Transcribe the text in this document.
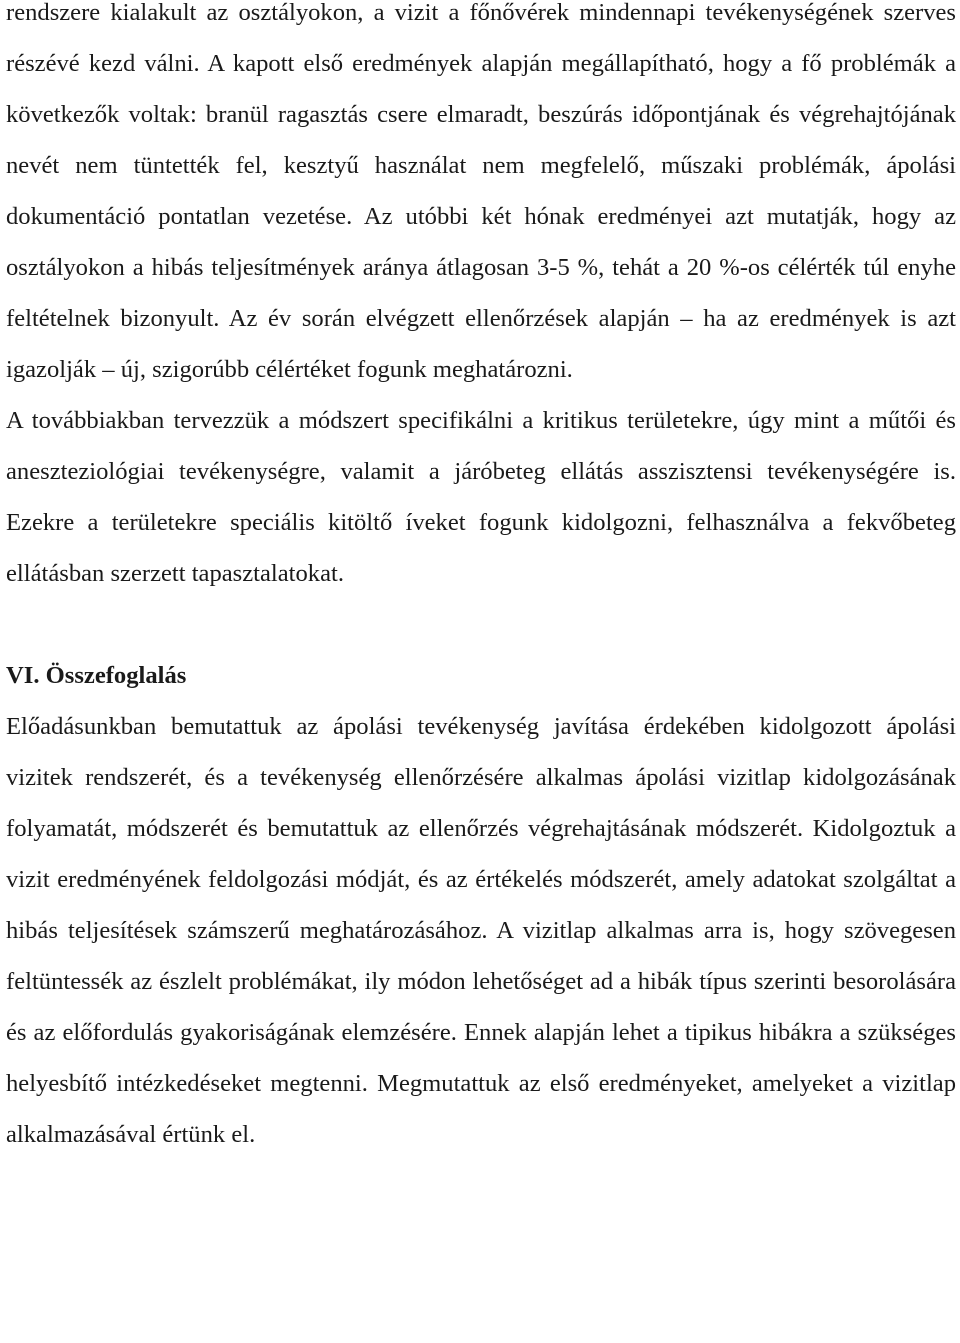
rendszere kialakult az osztályokon, a vizit a főnővérek mindennapi tevékenységének szerves részévé kezd válni. A kapott első eredmények alapján megállapítható, hogy a fő problémák a következők voltak: branül ragasztás csere elmaradt, beszúrás időpontjának és végrehajtójának nevét nem tüntették fel, kesztyű használat nem megfelelő, műszaki problémák, ápolási dokumentáció pontatlan vezetése. Az utóbbi két hónak eredményei azt mutatják, hogy az osztályokon a hibás teljesítmények aránya átlagosan 3-5 %, tehát a 20 %-os célérték túl enyhe feltételnek bizonyult. Az év során elvégzett ellenőrzések alapján – ha az eredmények is azt igazolják – új, szigorúbb célértéket fogunk meghatározni.

A továbbiakban tervezzük a módszert specifikálni a kritikus területekre, úgy mint a műtői és aneszteziológiai tevékenységre, valamit a járóbeteg ellátás asszisztensi tevékenységére is. Ezekre a területekre speciális kitöltő íveket fogunk kidolgozni, felhasználva a fekvőbeteg ellátásban szerzett tapasztalatokat.

VI. Összefoglalás

Előadásunkban bemutattuk az ápolási tevékenység javítása érdekében kidolgozott ápolási vizitek rendszerét, és a tevékenység ellenőrzésére alkalmas ápolási vizitlap kidolgozásának folyamatát, módszerét és bemutattuk az ellenőrzés végrehajtásának módszerét. Kidolgoztuk a vizit eredményének feldolgozási módját, és az értékelés módszerét, amely adatokat szolgáltat a hibás teljesítések számszerű meghatározásához. A vizitlap alkalmas arra is, hogy szövegesen feltüntessék az észlelt problémákat, ily módon lehetőséget ad a hibák típus szerinti besorolására és az előfordulás gyakoriságának elemzésére. Ennek alapján lehet a tipikus hibákra a szükséges helyesbítő intézkedéseket megtenni. Megmutattuk az első eredményeket, amelyeket a vizitlap alkalmazásával értünk el.
